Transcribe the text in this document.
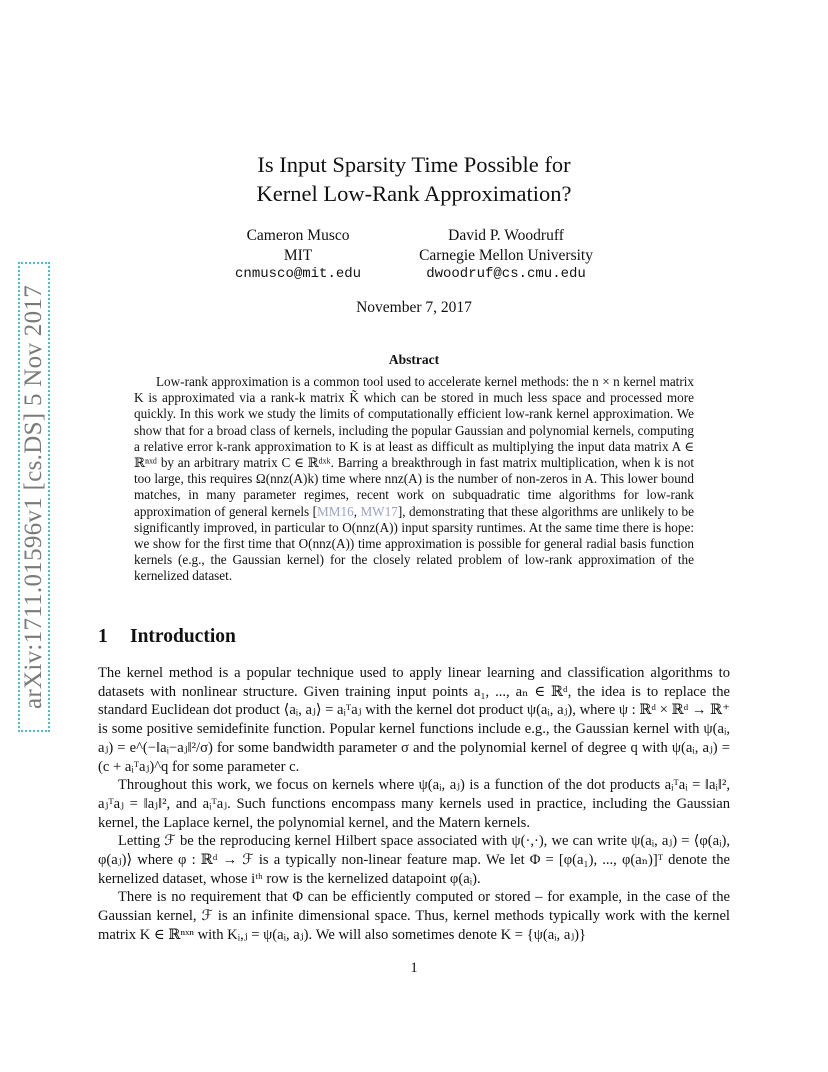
arXiv:1711.01596v1 [cs.DS] 5 Nov 2017
Is Input Sparsity Time Possible for
Kernel Low-Rank Approximation?
Cameron Musco
MIT
cnmusco@mit.edu
David P. Woodruff
Carnegie Mellon University
dwoodruf@cs.cmu.edu
November 7, 2017
Abstract

Low-rank approximation is a common tool used to accelerate kernel methods: the n × n kernel matrix K is approximated via a rank-k matrix K̃ which can be stored in much less space and processed more quickly. In this work we study the limits of computationally efficient low-rank kernel approximation. We show that for a broad class of kernels, including the popular Gaussian and polynomial kernels, computing a relative error k-rank approximation to K is at least as difficult as multiplying the input data matrix A ∈ ℝⁿˣᵈ by an arbitrary matrix C ∈ ℝᵈˣᵏ. Barring a breakthrough in fast matrix multiplication, when k is not too large, this requires Ω(nnz(A)k) time where nnz(A) is the number of non-zeros in A. This lower bound matches, in many parameter regimes, recent work on subquadratic time algorithms for low-rank approximation of general kernels [MM16, MW17], demonstrating that these algorithms are unlikely to be significantly improved, in particular to O(nnz(A)) input sparsity runtimes. At the same time there is hope: we show for the first time that O(nnz(A)) time approximation is possible for general radial basis function kernels (e.g., the Gaussian kernel) for the closely related problem of low-rank approximation of the kernelized dataset.

1 Introduction

The kernel method is a popular technique used to apply linear learning and classification algorithms to datasets with nonlinear structure. Given training input points a₁, ..., aₙ ∈ ℝᵈ, the idea is to replace the standard Euclidean dot product ⟨aᵢ, aⱼ⟩ = aᵢᵀaⱼ with the kernel dot product ψ(aᵢ, aⱼ), where ψ : ℝᵈ × ℝᵈ → ℝ⁺ is some positive semidefinite function. Popular kernel functions include e.g., the Gaussian kernel with ψ(aᵢ, aⱼ) = e^(−‖aᵢ−aⱼ‖²/σ) for some bandwidth parameter σ and the polynomial kernel of degree q with ψ(aᵢ, aⱼ) = (c + aᵢᵀaⱼ)^q for some parameter c.

Throughout this work, we focus on kernels where ψ(aᵢ, aⱼ) is a function of the dot products aᵢᵀaᵢ = ‖aᵢ‖², aⱼᵀaⱼ = ‖aⱼ‖², and aᵢᵀaⱼ. Such functions encompass many kernels used in practice, including the Gaussian kernel, the Laplace kernel, the polynomial kernel, and the Matern kernels.

Letting ℱ be the reproducing kernel Hilbert space associated with ψ(·,·), we can write ψ(aᵢ, aⱼ) = ⟨φ(aᵢ), φ(aⱼ)⟩ where φ : ℝᵈ → ℱ is a typically non-linear feature map. We let Φ = [φ(a₁), ..., φ(aₙ)]ᵀ denote the kernelized dataset, whose iᵗʰ row is the kernelized datapoint φ(aᵢ).

There is no requirement that Φ can be efficiently computed or stored – for example, in the case of the Gaussian kernel, ℱ is an infinite dimensional space. Thus, kernel methods typically work with the kernel matrix K ∈ ℝⁿˣⁿ with Kᵢ,ⱼ = ψ(aᵢ, aⱼ). We will also sometimes denote K = {ψ(aᵢ, aⱼ)}

1
